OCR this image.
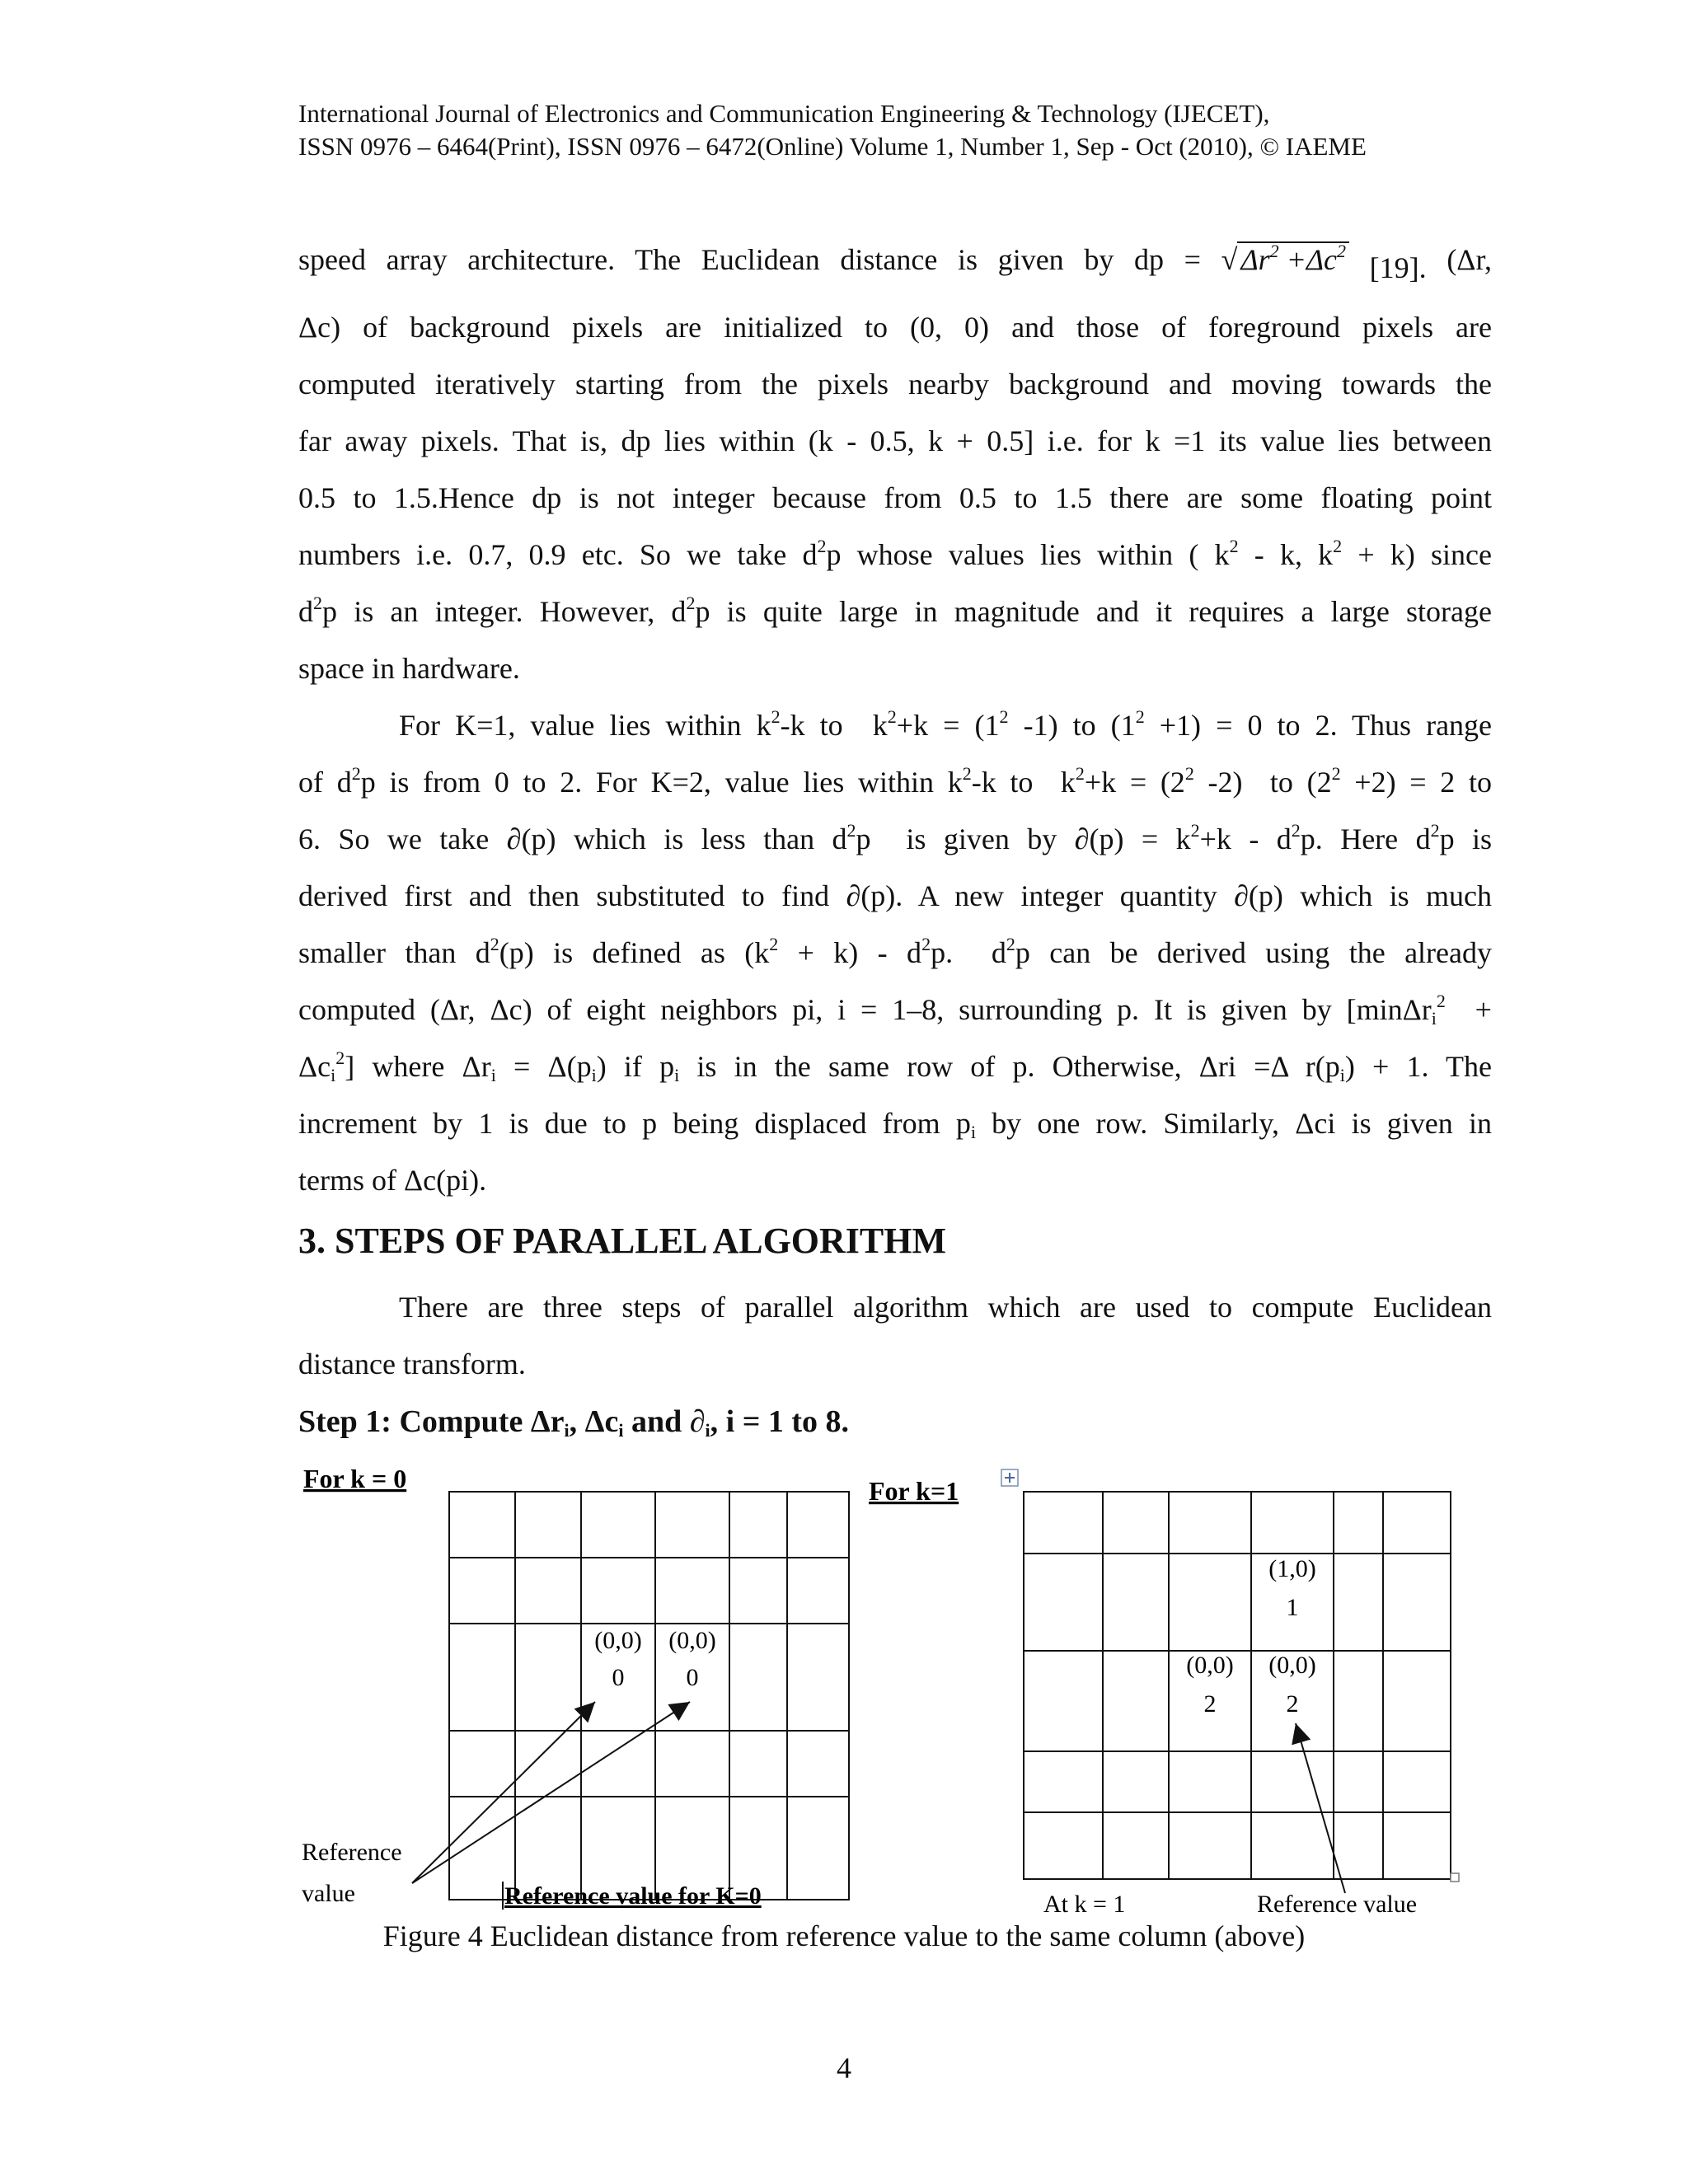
International Journal of Electronics and Communication Engineering & Technology (IJECET),
ISSN 0976 – 6464(Print), ISSN 0976 – 6472(Online) Volume 1, Number 1, Sep - Oct (2010), © IAEME
speed array architecture. The Euclidean distance is given by dp = √ $\Delta r^2 +\Delta c^2$ [19]. (Δr,
Δc) of background pixels are initialized to (0, 0) and those of foreground pixels are
computed iteratively starting from the pixels nearby background and moving towards the
far away pixels. That is, dp lies within (k - 0.5, k + 0.5] i.e. for k =1 its value lies between
0.5 to 1.5.Hence dp is not integer because from 0.5 to 1.5 there are some floating point
numbers i.e. 0.7, 0.9 etc. So we take $d^2p$ whose values lies within ( $k^2$ - k, $k^2 + k$) since
$d^2p$ is an integer. However, $d^2p$ is quite large in magnitude and it requires a large storage
space in hardware.
For K=1, value lies within $k^2-k$ to  $k^2+k = (1^2$ -1) to $(1^2 +1) = 0$ to 2. Thus range
of $d^2p$ is from 0 to 2. For K=2, value lies within $k^2-k$ to  $k^2+k = (2^2$ -2)  to $(2^2 +2) = 2$ to
6. So we take ∂(p) which is less than $d^2p$  is given by $\partial(p) = k^2+k - d^2p$. Here $d^2p$ is
derived first and then substituted to find ∂(p). A new integer quantity ∂(p) which is much
smaller than $d^2(p)$ is defined as $(k^2 + k) - d^2p$.  $d^2p$ can be derived using the already
computed (Δr, Δc) of eight neighbors pi, i = 1–8, surrounding p. It is given by [minΔr$_i^2$  +
$\Delta c_i^2$] where $\Delta r_i = \Delta(p_i)$ if $p_i$ is in the same row of p. Otherwise, Δri =Δ $r(p_i) + 1$. The
increment by 1 is due to p being displaced from $p_i$ by one row. Similarly, Δci is given in
terms of Δc(pi).
3. STEPS OF PARALLEL ALGORITHM
There are three steps of parallel algorithm which are used to compute Euclidean
distance transform.
Step 1: Compute $\Delta r_i$, $\Delta c_i$ and $\partial_i$, i = 1 to 8.
For k = 0
(0,0)
0
(0,0)
0
Reference
value	Reference value for K=0
For k=1
(1,0)
1
(0,0)
2
(0,0)
2
At k = 1	Reference value
Figure 4 Euclidean distance from reference value to the same column (above)
4
